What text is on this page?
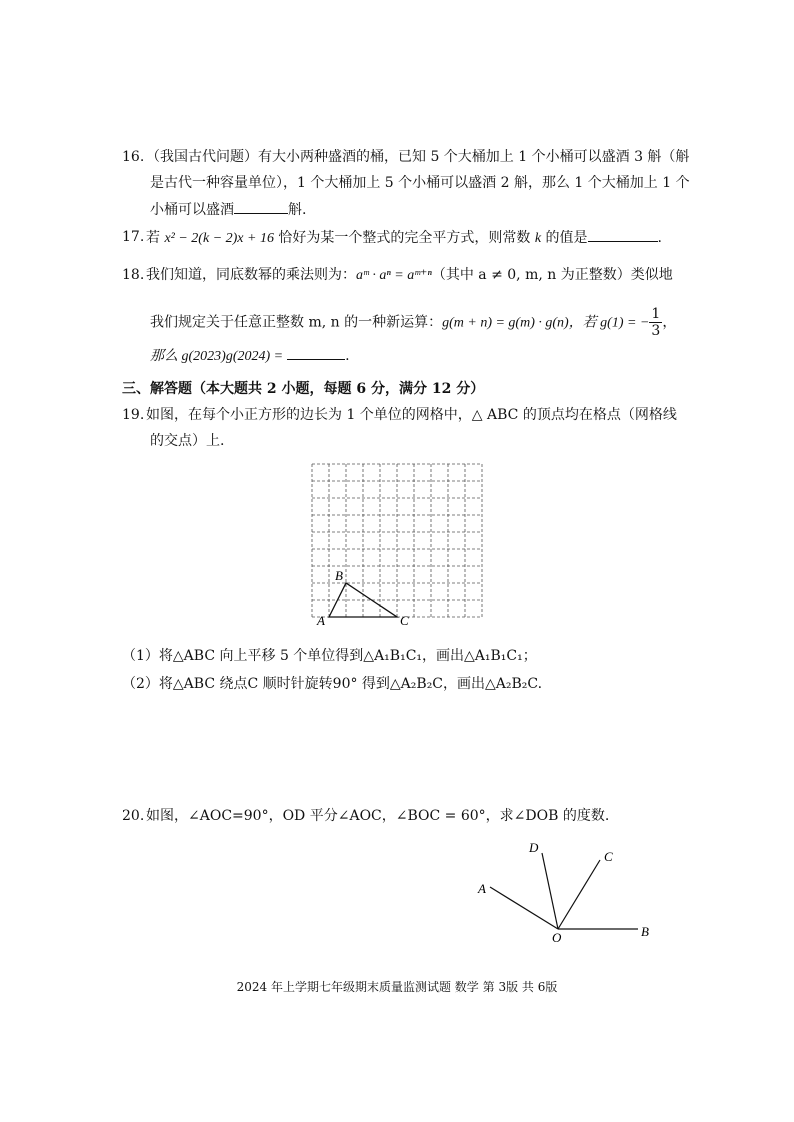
16. （我国古代问题）有大小两种盛酒的桶，已知 5 个大桶加上 1 个小桶可以盛酒 3 斛（斛
是古代一种容量单位），1 个大桶加上 5 个小桶可以盛酒 2 斛，那么 1 个大桶加上 1 个
小桶可以盛酒	斛.
17. 若 x² − 2(k − 2)x + 16 恰好为某一个整式的完全平方式，则常数 k 的值是	.
18. 我们知道，同底数幂的乘法则为：aᵐ · aⁿ = aᵐ⁺ⁿ（其中 a ≠ 0, m, n 为正整数）类似地
我们规定关于任意正整数 m, n 的一种新运算：g(m + n) = g(m) · g(n)，若 g(1) = − $\frac{1}{3}$ ，
那么 g(2023)g(2024) =	.
三、解答题（本大题共 2 小题，每题 6 分，满分 12 分）
19. 如图，在每个小正方形的边长为 1 个单位的网格中，△ ABC 的顶点均在格点（网格线
的交点）上.
A
B
C
（1）将△ABC 向上平移 5 个单位得到△A₁B₁C₁，画出△A₁B₁C₁；
（2）将△ABC 绕点C 顺时针旋转90° 得到△A₂B₂C，画出△A₂B₂C.
20. 如图，∠AOC=90°，OD 平分∠AOC，∠BOC = 60°，求∠DOB 的度数.
A
D
C
B
O
2024 年上学期七年级期末质量监测试题 数学 第 3版 共 6版
